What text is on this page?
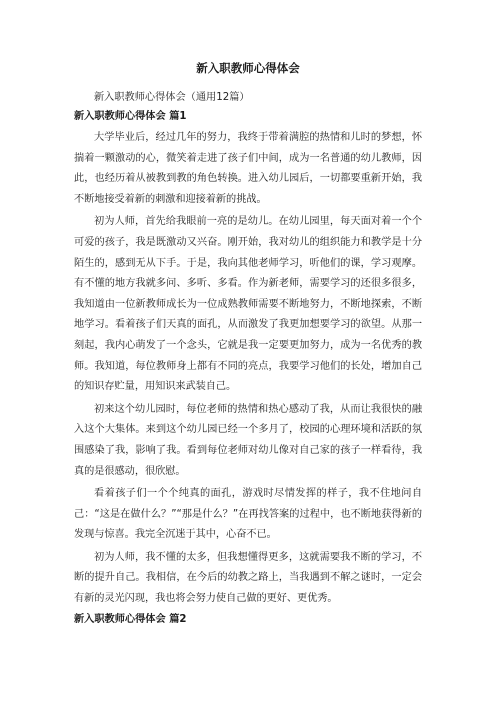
新入职教师心得体会

新入职教师心得体会（通用12篇）

新入职教师心得体会 篇1

大学毕业后，经过几年的努力，我终于带着满腔的热情和儿时的梦想，怀揣着一颗激动的心，微笑着走进了孩子们中间，成为一名普通的幼儿教师，因此，也经历着从被教到教的角色转换。进入幼儿园后，一切都要重新开始，我不断地接受着新的刺激和迎接着新的挑战。

初为人师，首先给我眼前一亮的是幼儿。在幼儿园里，每天面对着一个个可爱的孩子，我是既激动又兴奋。刚开始，我对幼儿的组织能力和教学是十分陌生的，感到无从下手。于是，我向其他老师学习，听他们的课，学习观摩。有不懂的地方我就多问、多听、多看。作为新老师，需要学习的还很多很多，我知道由一位新教师成长为一位成熟教师需要不断地努力，不断地探索，不断地学习。看着孩子们天真的面孔，从而激发了我更加想要学习的欲望。从那一刻起，我内心萌发了一个念头，它就是我一定要更加努力，成为一名优秀的教师。我知道，每位教师身上都有不同的亮点，我要学习他们的长处，增加自己的知识存贮量，用知识来武装自己。

初来这个幼儿园时，每位老师的热情和热心感动了我，从而让我很快的融入这个大集体。来到这个幼儿园已经一个多月了，校园的心理环境和活跃的氛围感染了我，影响了我。看到每位老师对幼儿像对自己家的孩子一样看待，我真的是很感动，很欣慰。

看着孩子们一个个纯真的面孔，游戏时尽情发挥的样子，我不住地问自己：“这是在做什么？”“那是什么？”在再找答案的过程中，也不断地获得新的发现与惊喜。我完全沉迷于其中，心奋不已。

初为人师，我不懂的太多，但我想懂得更多，这就需要我不断的学习，不断的提升自己。我相信，在今后的幼教之路上，当我遇到不解之谜时，一定会有新的灵光闪现，我也将会努力使自己做的更好、更优秀。

新入职教师心得体会 篇2
